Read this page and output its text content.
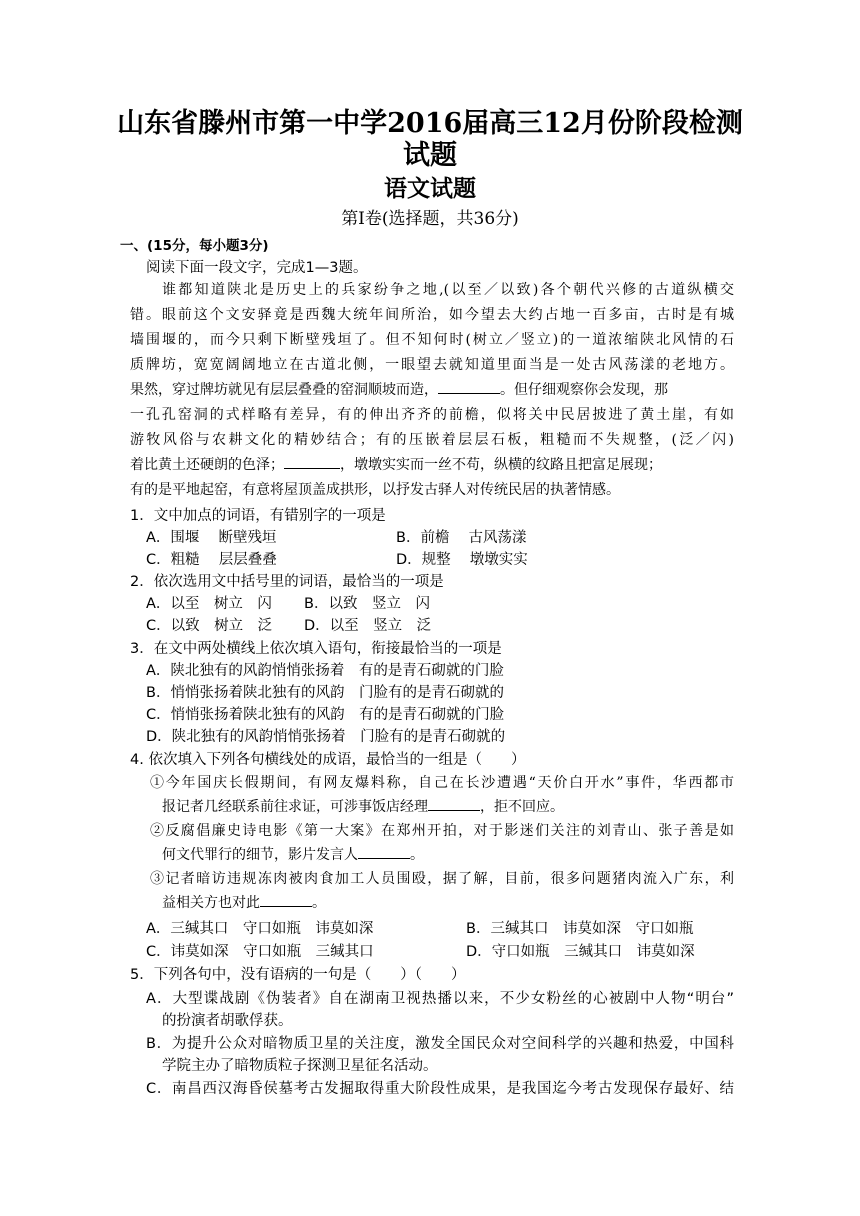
山东省滕州市第一中学2016届高三12月份阶段检测
试题
语文试题
第Ⅰ卷(选择题，共36分)
一、(15分，每小题3分)
阅读下面一段文字，完成1—3题。
谁都知道陕北是历史上的兵家纷争之地,(以至／以致)各个朝代兴修的古道纵横交
错。眼前这个文安驿竟是西魏大统年间所治，如今望去大约占地一百多亩，古时是有城
墙围堰的，而今只剩下断壁残垣了。但不知何时(树立／竖立)的一道浓缩陕北风情的石
质牌坊，宽宽阔阔地立在古道北侧，一眼望去就知道里面当是一处古风荡漾的老地方。
果然，穿过牌坊就见有层层叠叠的窑洞顺坡而造，	。但仔细观察你会发现，那
一孔孔窑洞的式样略有差异，有的伸出齐齐的前檐，似将关中民居披进了黄土崖，有如
游牧风俗与农耕文化的精妙结合；有的压嵌着层层石板，粗糙而不失规整，(泛／闪)
着比黄土还硬朗的色泽；	，墩墩实实而一丝不苟，纵横的纹路且把富足展现；
有的是平地起窑，有意将屋顶盖成拱形，以抒发古驿人对传统民居的执著情感。
1．文中加点的词语，有错别字的一项是
A．围堰　 断壁残垣	B．前檐　 古风荡漾
C．粗糙　 层层叠叠	D．规整　 墩墩实实
2．依次选用文中括号里的词语，最恰当的一项是
A．以至　树立　闪 B．以致　竖立　闪
C．以致　树立　泛 D．以至　竖立　泛
3．在文中两处横线上依次填入语句，衔接最恰当的一项是
A．陕北独有的风韵悄悄张扬着　有的是青石砌就的门脸
B．悄悄张扬着陕北独有的风韵　门脸有的是青石砌就的
C．悄悄张扬着陕北独有的风韵　有的是青石砌就的门脸
D．陕北独有的风韵悄悄张扬着　门脸有的是青石砌就的
4. 依次填入下列各句横线处的成语，最恰当的一组是（　　）
①今年国庆长假期间，有网友爆料称，自己在长沙遭遇“天价白开水”事件，华西都市
报记者几经联系前往求证，可涉事饭店经理	，拒不回应。
②反腐倡廉史诗电影《第一大案》在郑州开拍，对于影迷们关注的刘青山、张子善是如
何文代罪行的细节，影片发言人	。
③记者暗访违规冻肉被肉食加工人员围殴，据了解，目前，很多问题猪肉流入广东，利
益相关方也对此	。
A．三缄其口　守口如瓶　讳莫如深	B．三缄其口　讳莫如深　守口如瓶
C．讳莫如深　守口如瓶　三缄其口	D．守口如瓶　三缄其口　讳莫如深
5．下列各句中，没有语病的一句是（　　）（　　）
A．大型谍战剧《伪装者》自在湖南卫视热播以来，不少女粉丝的心被剧中人物“明台”
的扮演者胡歌俘获。
B．为提升公众对暗物质卫星的关注度，激发全国民众对空间科学的兴趣和热爱，中国科
学院主办了暗物质粒子探测卫星征名活动。
C．南昌西汉海昏侯墓考古发掘取得重大阶段性成果，是我国迄今考古发现保存最好、结
